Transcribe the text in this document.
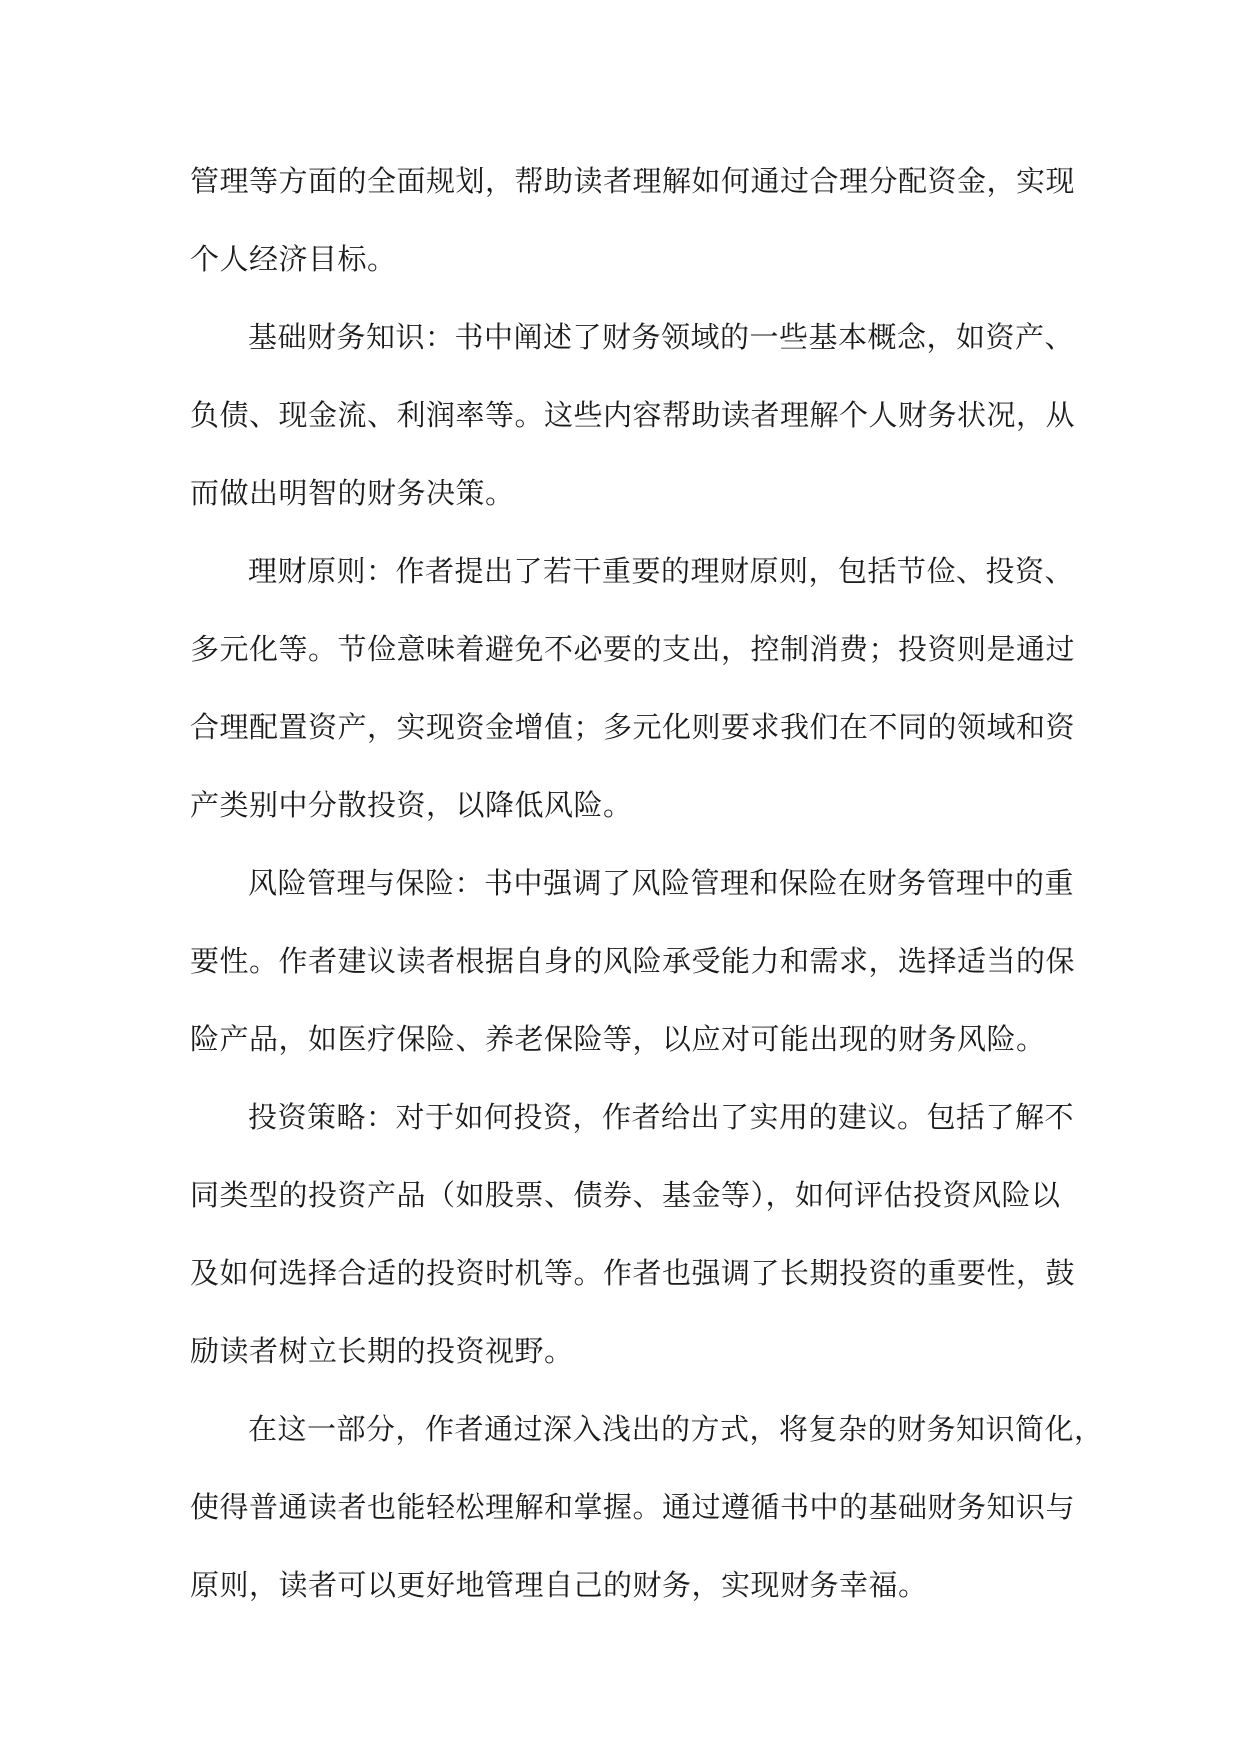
管理等方面的全面规划，帮助读者理解如何通过合理分配资金，实现
个人经济目标。
基础财务知识：书中阐述了财务领域的一些基本概念，如资产、
负债、现金流、利润率等。这些内容帮助读者理解个人财务状况，从
而做出明智的财务决策。
理财原则：作者提出了若干重要的理财原则，包括节俭、投资、
多元化等。节俭意味着避免不必要的支出，控制消费；投资则是通过
合理配置资产，实现资金增值；多元化则要求我们在不同的领域和资
产类别中分散投资，以降低风险。
风险管理与保险：书中强调了风险管理和保险在财务管理中的重
要性。作者建议读者根据自身的风险承受能力和需求，选择适当的保
险产品，如医疗保险、养老保险等，以应对可能出现的财务风险。
投资策略：对于如何投资，作者给出了实用的建议。包括了解不
同类型的投资产品（如股票、债券、基金等），如何评估投资风险以
及如何选择合适的投资时机等。作者也强调了长期投资的重要性，鼓
励读者树立长期的投资视野。
在这一部分，作者通过深入浅出的方式，将复杂的财务知识简化，
使得普通读者也能轻松理解和掌握。通过遵循书中的基础财务知识与
原则，读者可以更好地管理自己的财务，实现财务幸福。
